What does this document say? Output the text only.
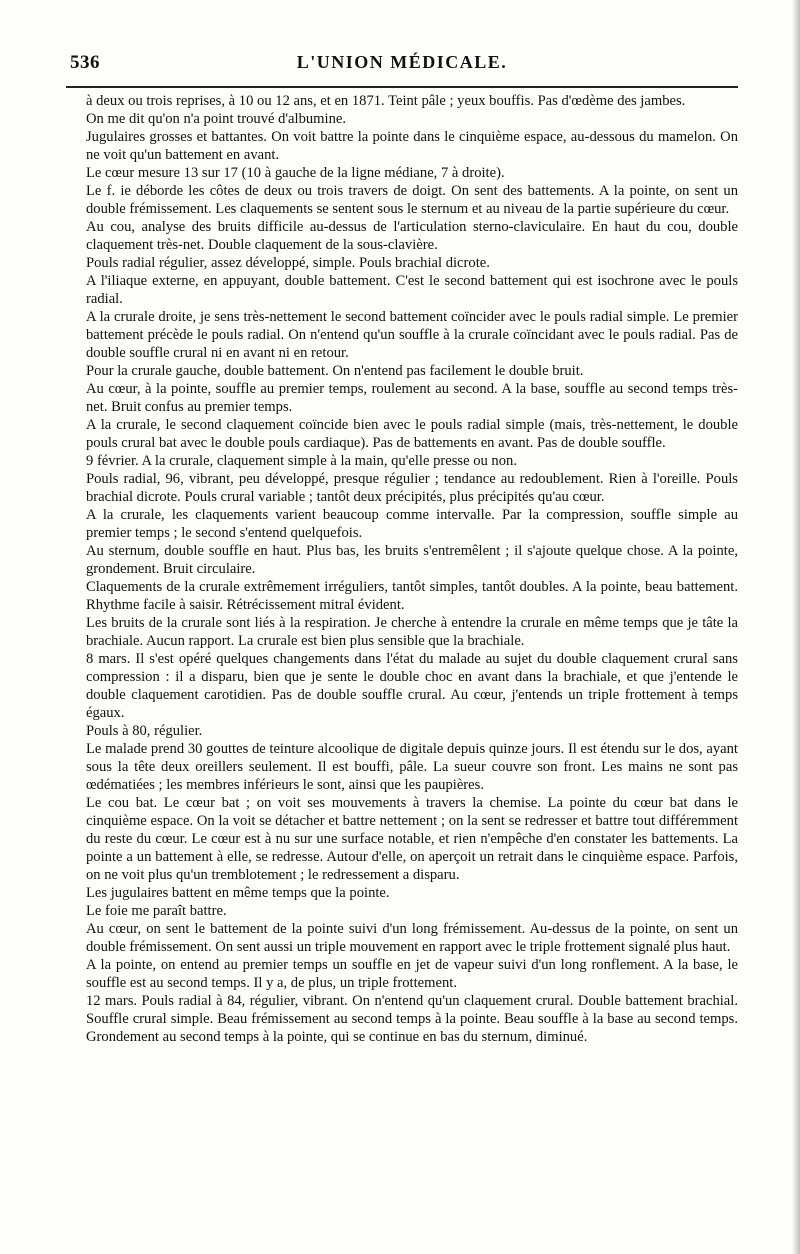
536	L'UNION MÉDICALE.

à deux ou trois reprises, à 10 ou 12 ans, et en 1871. Teint pâle ; yeux bouffis. Pas d'œdème des jambes.

On me dit qu'on n'a point trouvé d'albumine.

Jugulaires grosses et battantes. On voit battre la pointe dans le cinquième espace, au-dessous du mamelon. On ne voit qu'un battement en avant.

Le cœur mesure 13 sur 17 (10 à gauche de la ligne médiane, 7 à droite).

Le f. ie déborde les côtes de deux ou trois travers de doigt. On sent des battements. A la pointe, on sent un double frémissement. Les claquements se sentent sous le sternum et au niveau de la partie supérieure du cœur.

Au cou, analyse des bruits difficile au-dessus de l'articulation sterno-claviculaire. En haut du cou, double claquement très-net. Double claquement de la sous-clavière.

Pouls radial régulier, assez développé, simple. Pouls brachial dicrote.

A l'iliaque externe, en appuyant, double battement. C'est le second battement qui est isochrone avec le pouls radial.

A la crurale droite, je sens très-nettement le second battement coïncider avec le pouls radial simple. Le premier battement précède le pouls radial. On n'entend qu'un souffle à la crurale coïncidant avec le pouls radial. Pas de double souffle crural ni en avant ni en retour.

Pour la crurale gauche, double battement. On n'entend pas facilement le double bruit.

Au cœur, à la pointe, souffle au premier temps, roulement au second. A la base, souffle au second temps très-net. Bruit confus au premier temps.

A la crurale, le second claquement coïncide bien avec le pouls radial simple (mais, très-nettement, le double pouls crural bat avec le double pouls cardiaque). Pas de battements en avant. Pas de double souffle.

9 février. A la crurale, claquement simple à la main, qu'elle presse ou non.

Pouls radial, 96, vibrant, peu développé, presque régulier ; tendance au redoublement. Rien à l'oreille. Pouls brachial dicrote. Pouls crural variable ; tantôt deux précipités, plus précipités qu'au cœur.

A la crurale, les claquements varient beaucoup comme intervalle. Par la compression, souffle simple au premier temps ; le second s'entend quelquefois.

Au sternum, double souffle en haut. Plus bas, les bruits s'entremêlent ; il s'ajoute quelque chose. A la pointe, grondement. Bruit circulaire.

Claquements de la crurale extrêmement irréguliers, tantôt simples, tantôt doubles. A la pointe, beau battement. Rhythme facile à saisir. Rétrécissement mitral évident.

Les bruits de la crurale sont liés à la respiration. Je cherche à entendre la crurale en même temps que je tâte la brachiale. Aucun rapport. La crurale est bien plus sensible que la brachiale.

8 mars. Il s'est opéré quelques changements dans l'état du malade au sujet du double claquement crural sans compression : il a disparu, bien que je sente le double choc en avant dans la brachiale, et que j'entende le double claquement carotidien. Pas de double souffle crural. Au cœur, j'entends un triple frottement à temps égaux.

Pouls à 80, régulier.

Le malade prend 30 gouttes de teinture alcoolique de digitale depuis quinze jours. Il est étendu sur le dos, ayant sous la tête deux oreillers seulement. Il est bouffi, pâle. La sueur couvre son front. Les mains ne sont pas œdématiées ; les membres inférieurs le sont, ainsi que les paupières.

Le cou bat. Le cœur bat ; on voit ses mouvements à travers la chemise. La pointe du cœur bat dans le cinquième espace. On la voit se détacher et battre nettement ; on la sent se redresser et battre tout différemment du reste du cœur. Le cœur est à nu sur une surface notable, et rien n'empêche d'en constater les battements. La pointe a un battement à elle, se redresse. Autour d'elle, on aperçoit un retrait dans le cinquième espace. Parfois, on ne voit plus qu'un tremblotement ; le redressement a disparu.

Les jugulaires battent en même temps que la pointe.

Le foie me paraît battre.

Au cœur, on sent le battement de la pointe suivi d'un long frémissement. Au-dessus de la pointe, on sent un double frémissement. On sent aussi un triple mouvement en rapport avec le triple frottement signalé plus haut.

A la pointe, on entend au premier temps un souffle en jet de vapeur suivi d'un long ronflement. A la base, le souffle est au second temps. Il y a, de plus, un triple frottement.

12 mars. Pouls radial à 84, régulier, vibrant. On n'entend qu'un claquement crural. Double battement brachial. Souffle crural simple. Beau frémissement au second temps à la pointe. Beau souffle à la base au second temps. Grondement au second temps à la pointe, qui se continue en bas du sternum, diminué.
